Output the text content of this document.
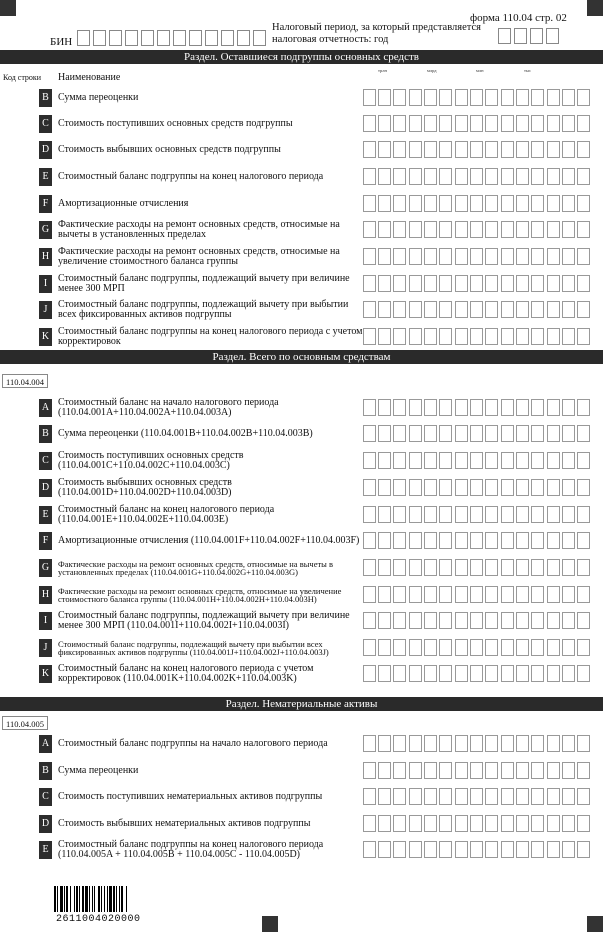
форма 110.04 стр. 02
БИН
Налоговый период, за который представляется налоговая отчетность: год
Код строки Наименование
трлн	млрд	млн	тыс
Раздел. Оставшиеся подгруппы основных средств
B Сумма переоценки
C Стоимость поступивших основных средств подгруппы
D Стоимость выбывших основных средств подгруппы
E Стоимостный баланс подгруппы на конец налогового периода
F Амортизационные отчисления
G Фактические расходы на ремонт основных средств, относимые на вычеты в установленных пределах
H Фактические расходы на ремонт основных средств, относимые на увеличение стоимостного баланса группы
I	Стоимостный баланс подгруппы, подлежащий вычету при величине менее 300 МРП
J	Стоимостный баланс подгруппы, подлежащий вычету при выбытии всех фиксированных активов подгруппы
K Стоимостный баланс подгруппы на конец налогового периода с учетом корректировок
Раздел. Всего по основным средствам
110.04.004
A Стоимостный баланс на начало налогового периода (110.04.001A+110.04.002A+110.04.003A)
B Сумма переоценки (110.04.001B+110.04.002B+110.04.003B)
C Стоимость поступивших основных средств (110.04.001C+110.04.002C+110.04.003C)
D Стоимость выбывших основных средств (110.04.001D+110.04.002D+110.04.003D)
E Стоимостный баланс на конец налогового периода (110.04.001E+110.04.002E+110.04.003E)
F Амортизационные отчисления (110.04.001F+110.04.002F+110.04.003F)
G	Фактические расходы на ремонт основных средств, относимые на вычеты в установленных пределах (110.04.001G+110.04.002G+110.04.003G)
H	Фактические расходы на ремонт основных средств, относимые на увеличение стоимостного баланса группы (110.04.001H+110.04.002H+110.04.003H)
I	Стоимостный баланс подгруппы, подлежащий вычету при величине менее 300 МРП (110.04.001I+110.04.002I+110.04.003I)
J	Стоимостный баланс подгруппы, подлежащий вычету при выбытии всех фиксированных активов подгруппы (110.04.001J+110.04.002J+110.04.003J)
K Стоимостный баланс на конец налогового периода с учетом корректировок (110.04.001K+110.04.002K+110.04.003K)
Раздел. Нематериальные активы
110.04.005
A Стоимостный баланс подгруппы на начало налогового периода
B Сумма переоценки
C Стоимость поступивших нематериальных активов подгруппы
D Стоимость выбывших нематериальных активов подгруппы
E Стоимостный баланс подгруппы на конец налогового периода (110.04.005A + 110.04.005B + 110.04.005C - 110.04.005D)
2611004020000
